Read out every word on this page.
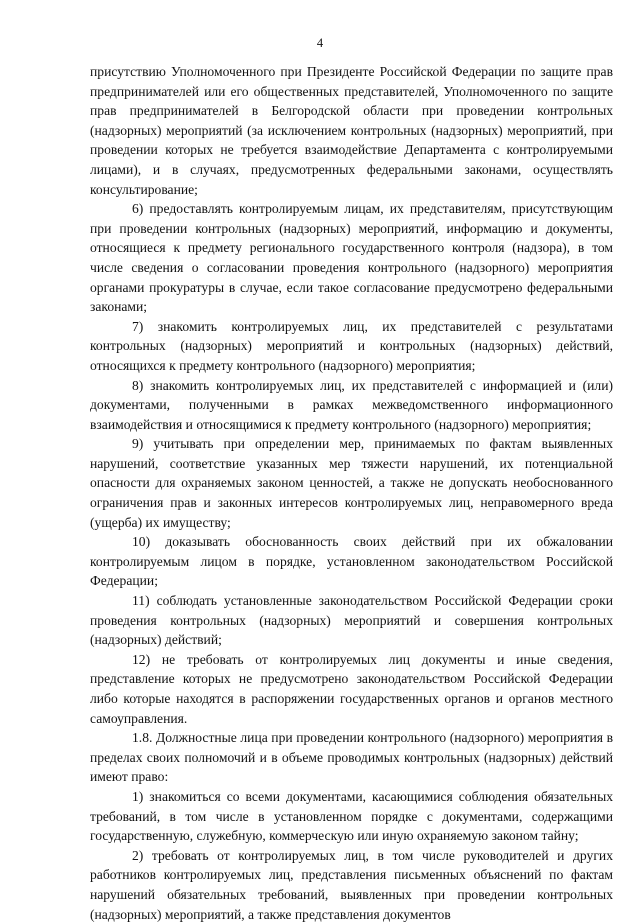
4

присутствию Уполномоченного при Президенте Российской Федерации по защите прав предпринимателей или его общественных представителей, Уполномоченного по защите прав предпринимателей в Белгородской области при проведении контрольных (надзорных) мероприятий (за исключением контрольных (надзорных) мероприятий, при проведении которых не требуется взаимодействие Департамента с контролируемыми лицами), и в случаях, предусмотренных федеральными законами, осуществлять консультирование;

6) предоставлять контролируемым лицам, их представителям, присутствующим при проведении контрольных (надзорных) мероприятий, информацию и документы, относящиеся к предмету регионального государственного контроля (надзора), в том числе сведения о согласовании проведения контрольного (надзорного) мероприятия органами прокуратуры в случае, если такое согласование предусмотрено федеральными законами;

7) знакомить контролируемых лиц, их представителей с результатами контрольных (надзорных) мероприятий и контрольных (надзорных) действий, относящихся к предмету контрольного (надзорного) мероприятия;

8) знакомить контролируемых лиц, их представителей с информацией и (или) документами, полученными в рамках межведомственного информационного взаимодействия и относящимися к предмету контрольного (надзорного) мероприятия;

9) учитывать при определении мер, принимаемых по фактам выявленных нарушений, соответствие указанных мер тяжести нарушений, их потенциальной опасности для охраняемых законом ценностей, а также не допускать необоснованного ограничения прав и законных интересов контролируемых лиц, неправомерного вреда (ущерба) их имуществу;

10) доказывать обоснованность своих действий при их обжаловании контролируемым лицом в порядке, установленном законодательством Российской Федерации;

11) соблюдать установленные законодательством Российской Федерации сроки проведения контрольных (надзорных) мероприятий и совершения контрольных (надзорных) действий;

12) не требовать от контролируемых лиц документы и иные сведения, представление которых не предусмотрено законодательством Российской Федерации либо которые находятся в распоряжении государственных органов и органов местного самоуправления.

1.8. Должностные лица при проведении контрольного (надзорного) мероприятия в пределах своих полномочий и в объеме проводимых контрольных (надзорных) действий имеют право:

1) знакомиться со всеми документами, касающимися соблюдения обязательных требований, в том числе в установленном порядке с документами, содержащими государственную, служебную, коммерческую или иную охраняемую законом тайну;

2) требовать от контролируемых лиц, в том числе руководителей и других работников контролируемых лиц, представления письменных объяснений по фактам нарушений обязательных требований, выявленных при проведении контрольных (надзорных) мероприятий, а также представления документов
